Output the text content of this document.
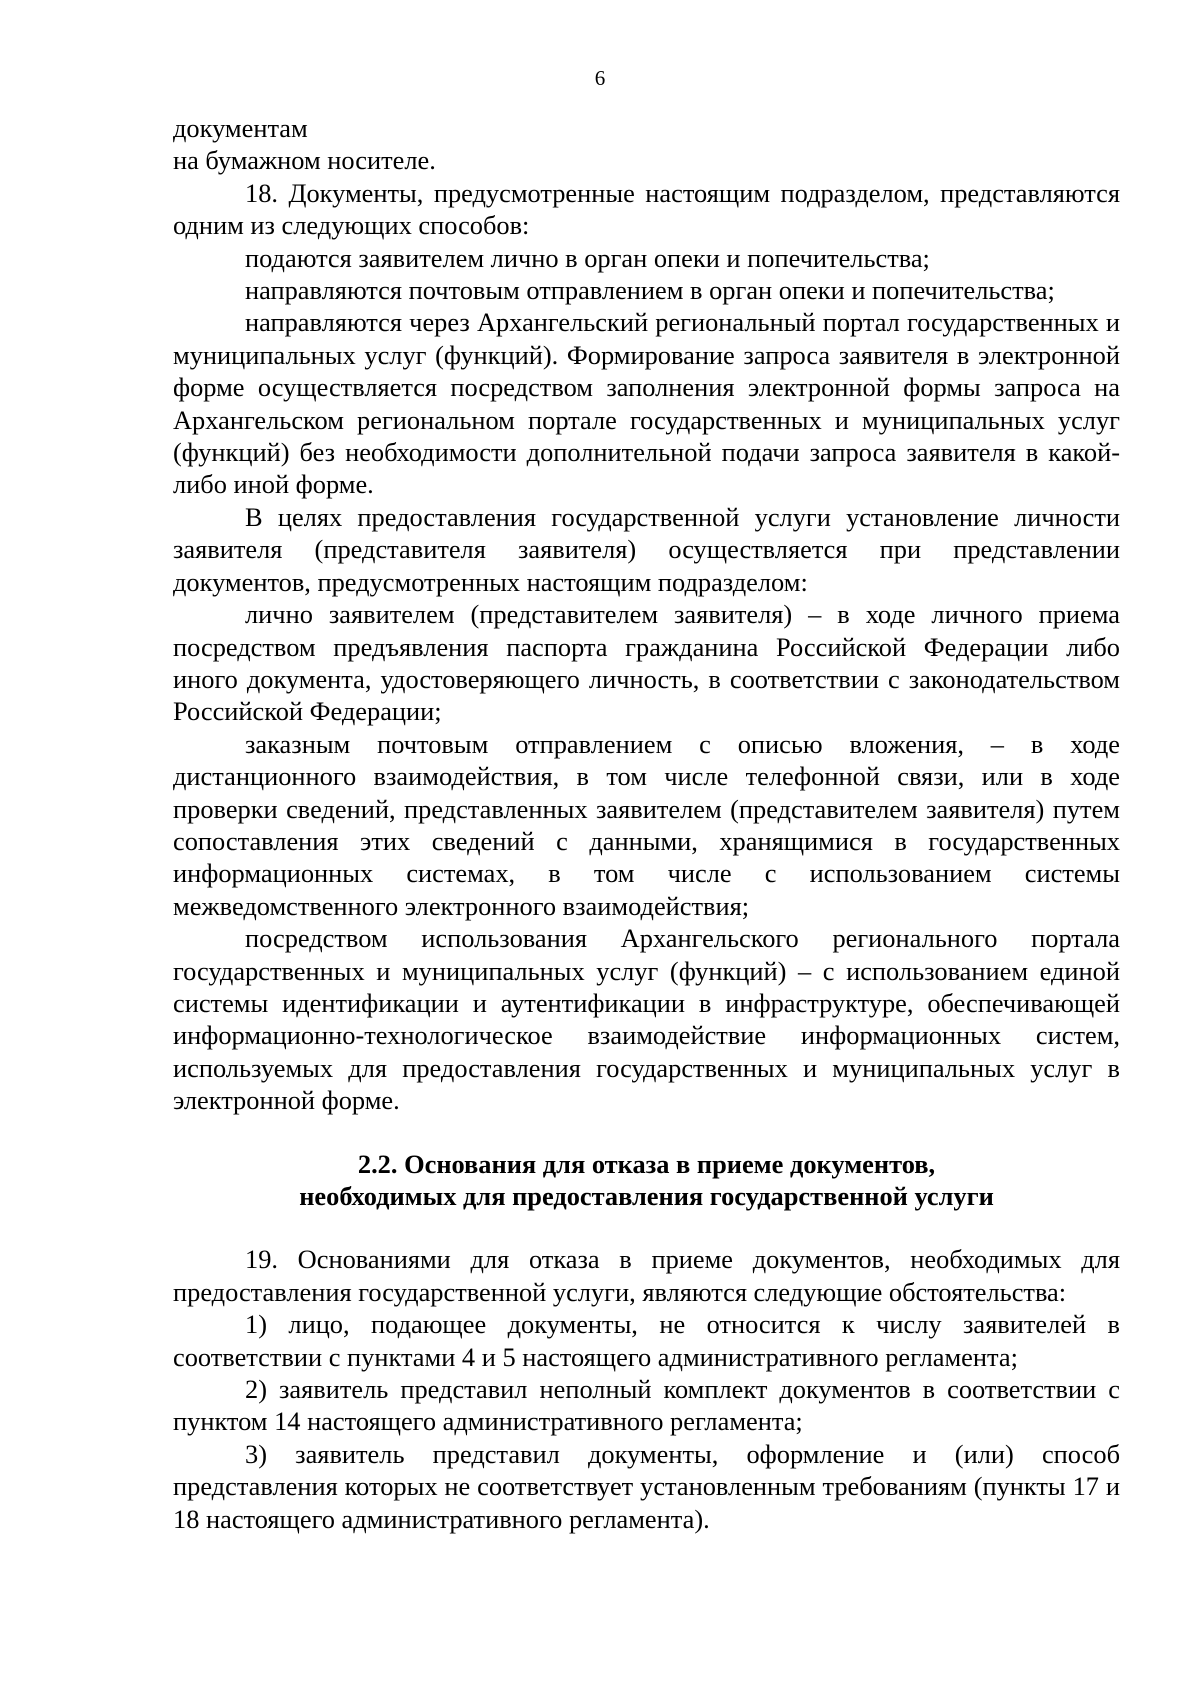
6

документам

на бумажном носителе.

18. Документы, предусмотренные настоящим подразделом, представляются одним из следующих способов:

подаются заявителем лично в орган опеки и попечительства;

направляются почтовым отправлением в орган опеки и попечительства;

направляются через Архангельский региональный портал государственных и муниципальных услуг (функций). Формирование запроса заявителя в электронной форме осуществляется посредством заполнения электронной формы запроса на Архангельском региональном портале государственных и муниципальных услуг (функций) без необходимости дополнительной подачи запроса заявителя в какой-либо иной форме.

В целях предоставления государственной услуги установление личности заявителя (представителя заявителя) осуществляется при представлении документов, предусмотренных настоящим подразделом:

лично заявителем (представителем заявителя) – в ходе личного приема посредством предъявления паспорта гражданина Российской Федерации либо иного документа, удостоверяющего личность, в соответствии с законодательством Российской Федерации;

заказным почтовым отправлением с описью вложения, – в ходе дистанционного взаимодействия, в том числе телефонной связи, или в ходе проверки сведений, представленных заявителем (представителем заявителя) путем сопоставления этих сведений с данными, хранящимися в государственных информационных системах, в том числе с использованием системы межведомственного электронного взаимодействия;

посредством использования Архангельского регионального портала государственных и муниципальных услуг (функций) – с использованием единой системы идентификации и аутентификации в инфраструктуре, обеспечивающей информационно-технологическое взаимодействие информационных систем, используемых для предоставления государственных и муниципальных услуг в электронной форме.

2.2. Основания для отказа в приеме документов,
необходимых для предоставления государственной услуги

19. Основаниями для отказа в приеме документов, необходимых для предоставления государственной услуги, являются следующие обстоятельства:

1) лицо, подающее документы, не относится к числу заявителей в соответствии с пунктами 4 и 5 настоящего административного регламента;

2) заявитель представил неполный комплект документов в соответствии с пунктом 14 настоящего административного регламента;

3) заявитель представил документы, оформление и (или) способ представления которых не соответствует установленным требованиям (пункты 17 и 18 настоящего административного регламента).
